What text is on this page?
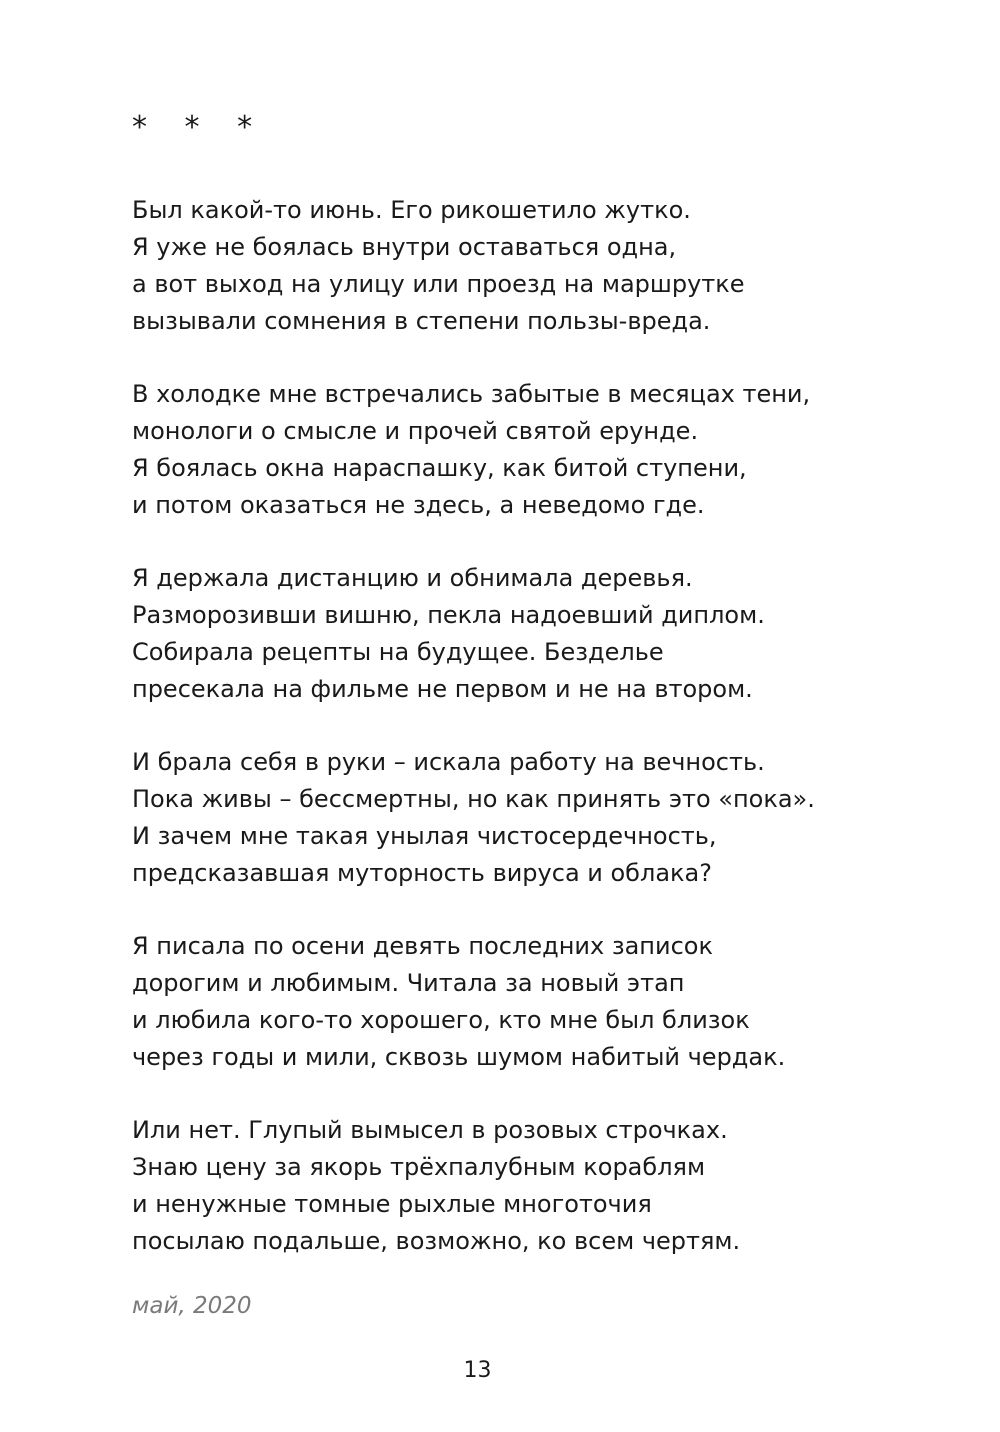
* * *
Был какой-то июнь. Его рикошетило жутко.
Я уже не боялась внутри оставаться одна,
а вот выход на улицу или проезд на маршрутке
вызывали сомнения в степени пользы-вреда.
В холодке мне встречались забытые в месяцах тени,
монологи о смысле и прочей святой ерунде.
Я боялась окна нараспашку, как битой ступени,
и потом оказаться не здесь, а неведомо где.
Я держала дистанцию и обнимала деревья.
Разморозивши вишню, пекла надоевший диплом.
Собирала рецепты на будущее. Безделье
пресекала на фильме не первом и не на втором.
И брала себя в руки – искала работу на вечность.
Пока живы – бессмертны, но как принять это «пока».
И зачем мне такая унылая чистосердечность,
предсказавшая муторность вируса и облака?
Я писала по осени девять последних записок
дорогим и любимым. Читала за новый этап
и любила кого-то хорошего, кто мне был близок
через годы и мили, сквозь шумом набитый чердак.
Или нет. Глупый вымысел в розовых строчках.
Знаю цену за якорь трёхпалубным кораблям
и ненужные томные рыхлые многоточия
посылаю подальше, возможно, ко всем чертям.
май, 2020
13
